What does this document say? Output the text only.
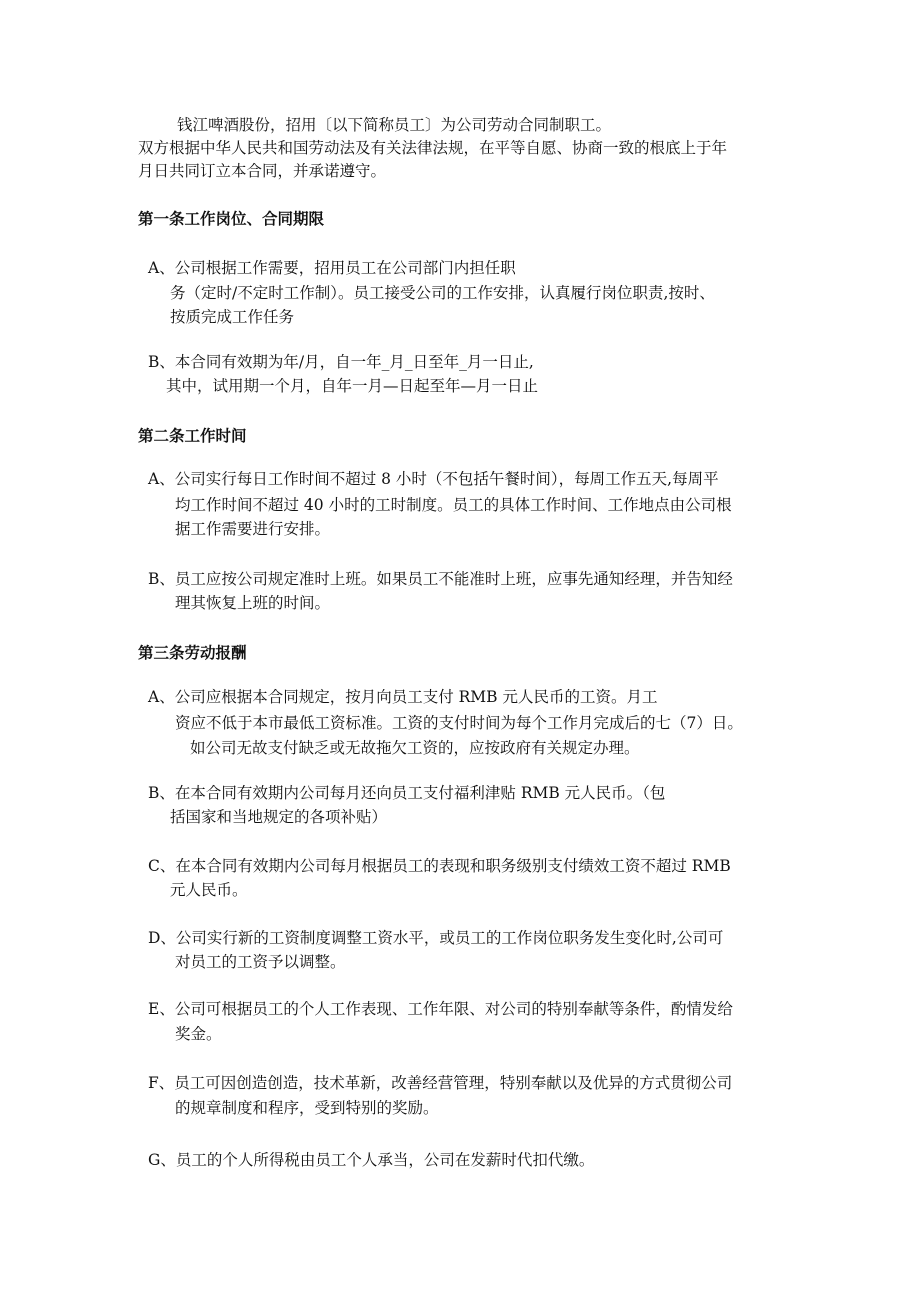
钱江啤酒股份，招用〔以下简称员工〕为公司劳动合同制职工。
双方根据中华人民共和国劳动法及有关法律法规，在平等自愿、协商一致的根底上于年
月日共同订立本合同，并承诺遵守。
第一条工作岗位、合同期限
A、公司根据工作需要，招用员工在公司部门内担任职
务（定时/不定时工作制）。员工接受公司的工作安排，认真履行岗位职责,按时、
按质完成工作任务
B、本合同有效期为年/月，自一年_月_日至年_月一日止,
其中，试用期一个月，自年一月—日起至年—月一日止
第二条工作时间
A、公司实行每日工作时间不超过 8 小时（不包括午餐时间），每周工作五天,每周平
均工作时间不超过 40 小时的工时制度。员工的具体工作时间、工作地点由公司根
据工作需要进行安排。
B、员工应按公司规定准时上班。如果员工不能准时上班，应事先通知经理，并告知经
理其恢复上班的时间。
第三条劳动报酬
A、公司应根据本合同规定，按月向员工支付 RMB 元人民币的工资。月工
资应不低于本市最低工资标准。工资的支付时间为每个工作月完成后的七（7）日。
如公司无故支付缺乏或无故拖欠工资的，应按政府有关规定办理。
B、在本合同有效期内公司每月还向员工支付福利津贴 RMB 元人民币。（包
括国家和当地规定的各项补贴）
C、在本合同有效期内公司每月根据员工的表现和职务级别支付绩效工资不超过 RMB
元人民币。
D、公司实行新的工资制度调整工资水平，或员工的工作岗位职务发生变化时,公司可
对员工的工资予以调整。
E、公司可根据员工的个人工作表现、工作年限、对公司的特别奉献等条件，酌情发给
奖金。
F、员工可因创造创造，技术革新，改善经营管理，特别奉献以及优异的方式贯彻公司
的规章制度和程序，受到特别的奖励。
G、员工的个人所得税由员工个人承当，公司在发薪时代扣代缴。
